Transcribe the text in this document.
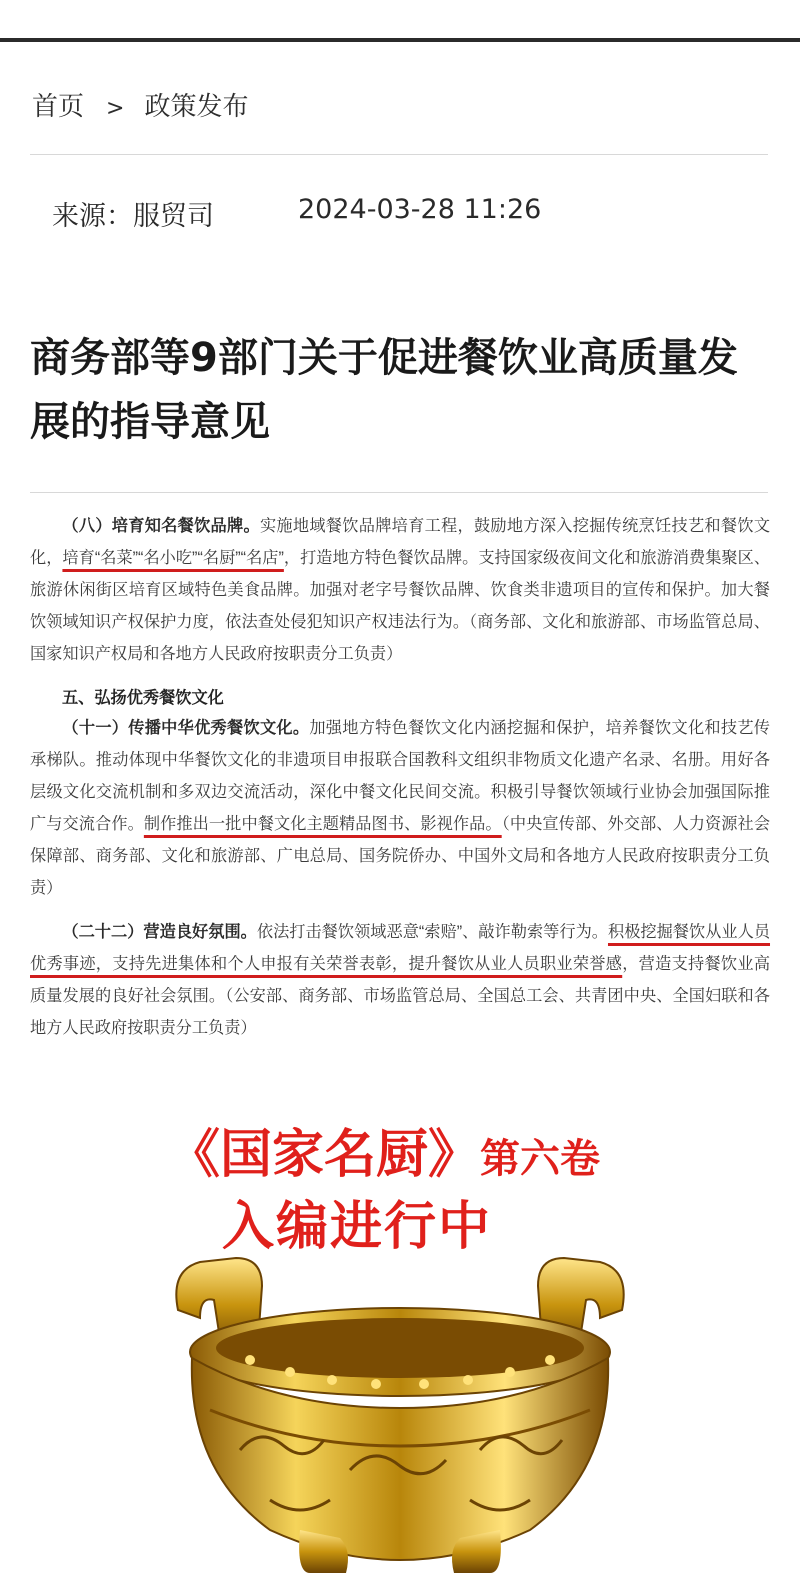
首页 > 政策发布
来源：服贸司	2024-03-28 11:26
商务部等9部门关于促进餐饮业高质量发展的指导意见

（八）培育知名餐饮品牌。实施地域餐饮品牌培育工程，鼓励地方深入挖掘传统烹饪技艺和餐饮文化，培育“名菜”“名小吃”“名厨”“名店”，打造地方特色餐饮品牌。支持国家级夜间文化和旅游消费集聚区、旅游休闲街区培育区域特色美食品牌。加强对老字号餐饮品牌、饮食类非遗项目的宣传和保护。加大餐饮领域知识产权保护力度，依法查处侵犯知识产权违法行为。（商务部、文化和旅游部、市场监管总局、国家知识产权局和各地方人民政府按职责分工负责）

五、弘扬优秀餐饮文化

（十一）传播中华优秀餐饮文化。加强地方特色餐饮文化内涵挖掘和保护，培养餐饮文化和技艺传承梯队。推动体现中华餐饮文化的非遗项目申报联合国教科文组织非物质文化遗产名录、名册。用好各层级文化交流机制和多双边交流活动，深化中餐文化民间交流。积极引导餐饮领域行业协会加强国际推广与交流合作。制作推出一批中餐文化主题精品图书、影视作品。（中央宣传部、外交部、人力资源社会保障部、商务部、文化和旅游部、广电总局、国务院侨办、中国外文局和各地方人民政府按职责分工负责）

（二十二）营造良好氛围。依法打击餐饮领域恶意“索赔”、敲诈勒索等行为。积极挖掘餐饮从业人员优秀事迹，支持先进集体和个人申报有关荣誉表彰，提升餐饮从业人员职业荣誉感，营造支持餐饮业高质量发展的良好社会氛围。（公安部、商务部、市场监管总局、全国总工会、共青团中央、全国妇联和各地方人民政府按职责分工负责）

《国家名厨》第六卷
入编进行中
